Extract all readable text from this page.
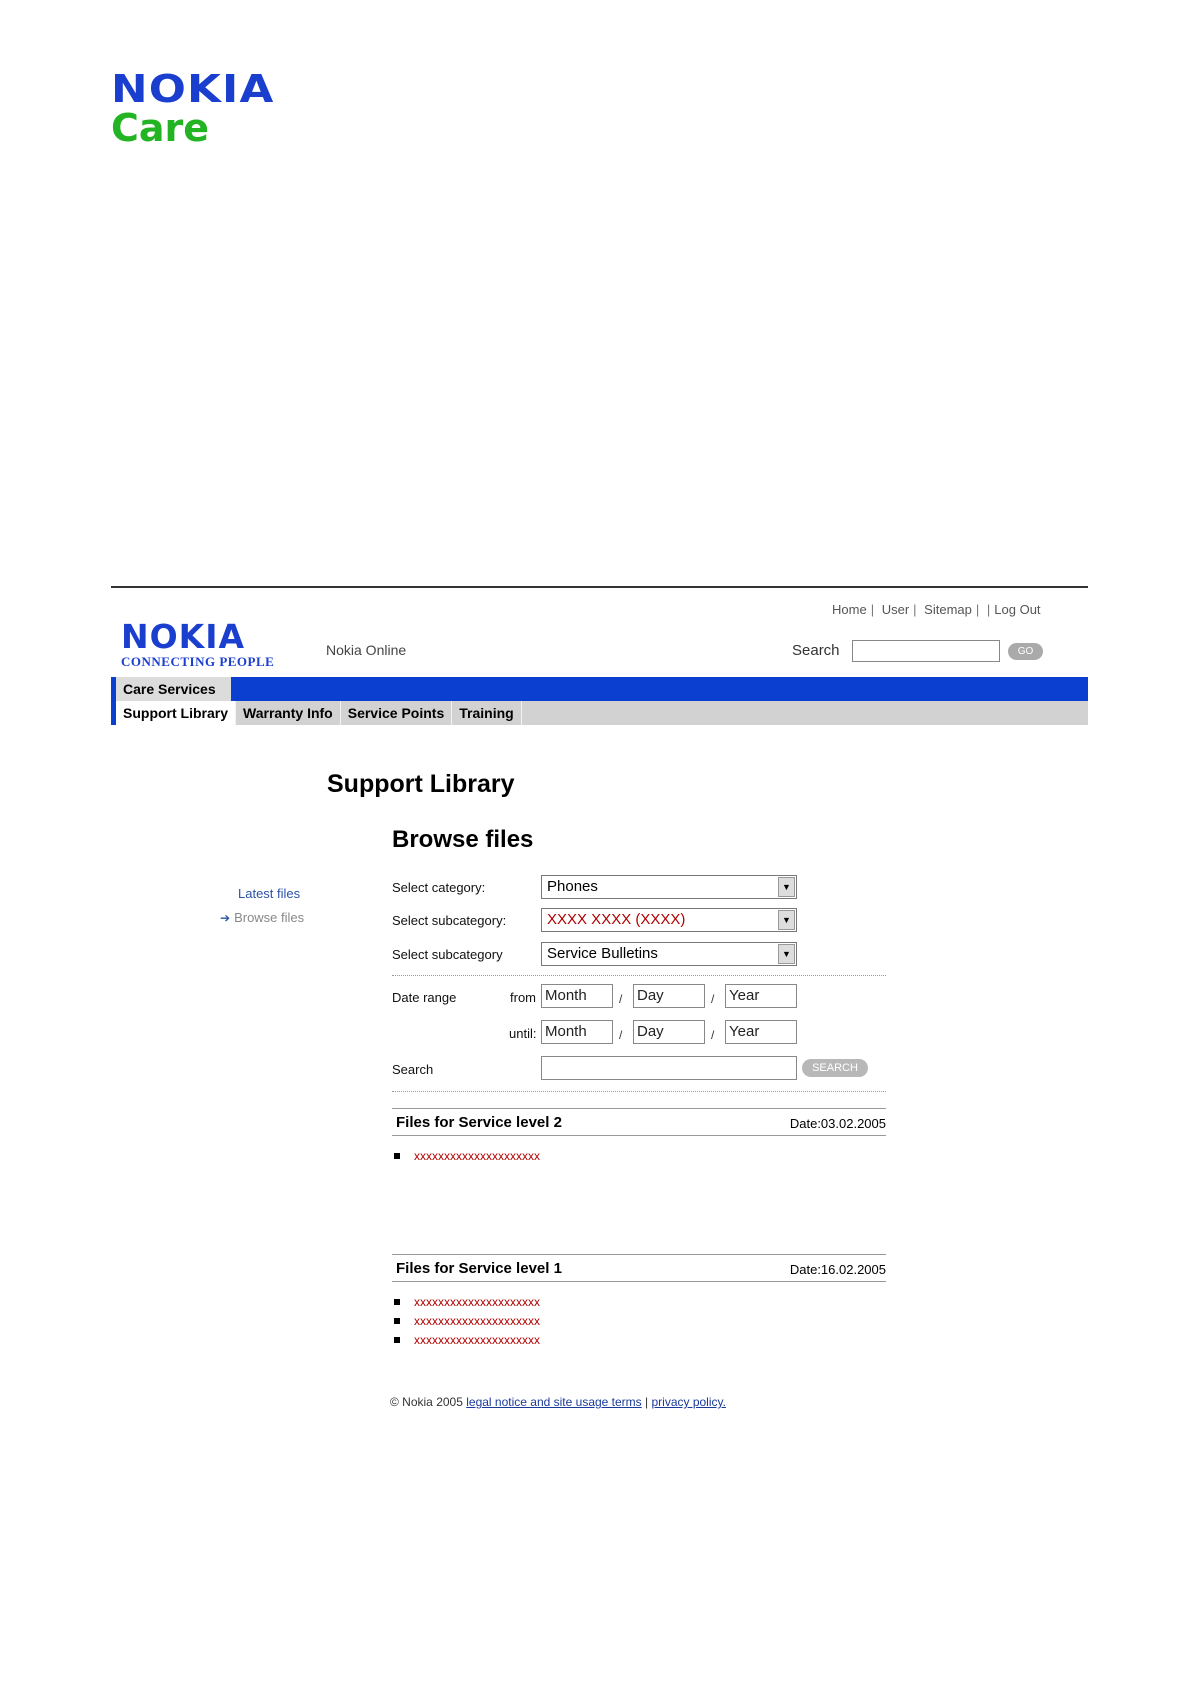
NOKIA
Care
Home | User | Sitemap | | Log Out
NOKIA
CONNECTING PEOPLE
Nokia Online	Search	GO
Care Services
Support Library	Warranty Info	Service Points	Training
Support Library
Browse files
Latest files
➔ Browse files
Select category:	Phones	▼
Select subcategory:	XXXX XXXX (XXXX)	▼
Select subcategory	Service Bulletins	▼
Date range	from Month	/ Day	/ Year
until: Month	/ Day	/ Year
Search	SEARCH
Files for Service level 2	Date:03.02.2005
xxxxxxxxxxxxxxxxxxxxx
Files for Service level 1	Date:16.02.2005
xxxxxxxxxxxxxxxxxxxxx
xxxxxxxxxxxxxxxxxxxxx
xxxxxxxxxxxxxxxxxxxxx
© Nokia 2005 legal notice and site usage terms | privacy policy.
